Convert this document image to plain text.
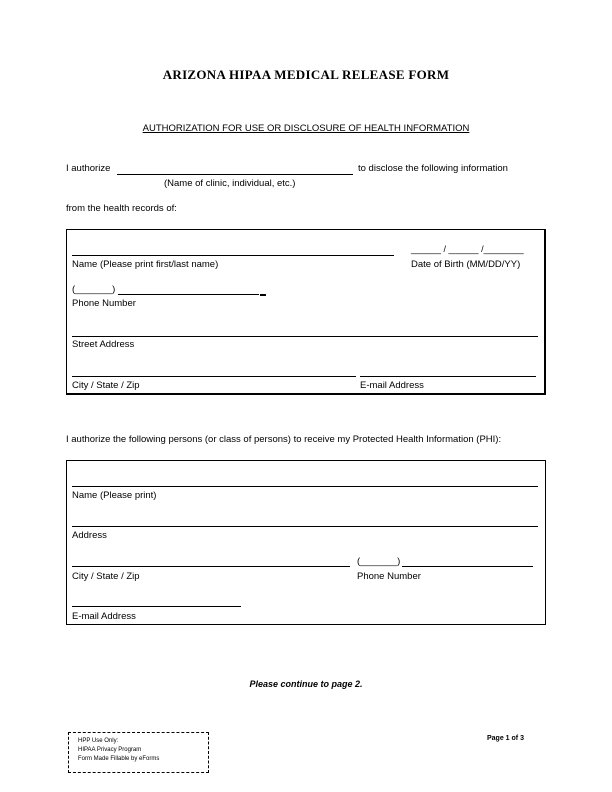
ARIZONA HIPAA MEDICAL RELEASE FORM
AUTHORIZATION FOR USE OR DISCLOSURE OF HEALTH INFORMATION
I authorize	to disclose the following information
(Name of clinic, individual, etc.)
from the health records of:
Name (Please print first/last name)
______ / ______ /________
Date of Birth (MM/DD/YY)
(_______)
Phone Number
Street Address
City / State / Zip	E-mail Address
I authorize the following persons (or class of persons) to receive my Protected Health Information (PHI):
Name (Please print)
Address
City / State / Zip
(_______)
Phone Number
E-mail Address
Please continue to page 2.
HPP Use Only:
HIPAA Privacy Program
Form Made Fillable by eForms
Page 1 of 3
